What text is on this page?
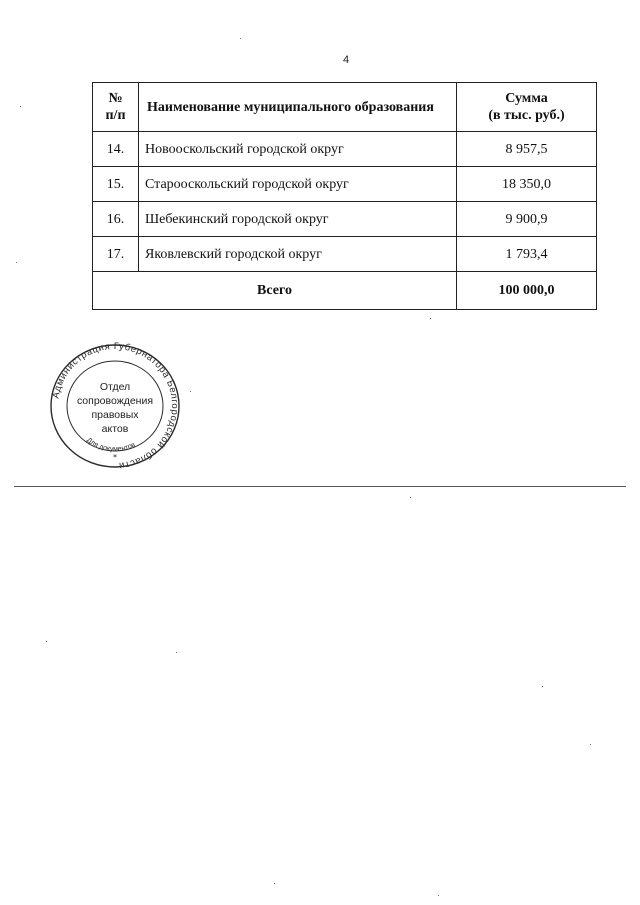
4
№
п/п	Наименование муниципального образования	Сумма
(в тыс. руб.)
14.	Новооскольский городской округ	8 957,5
15.	Старооскольский городской округ	18 350,0
16.	Шебекинский городской округ	9 900,9
17.	Яковлевский городской округ	1 793,4
Всего		100 000,0
Администрация Губернатора Белгородской области
Для документов
Отдел
сопровождения
правовых
актов
*
